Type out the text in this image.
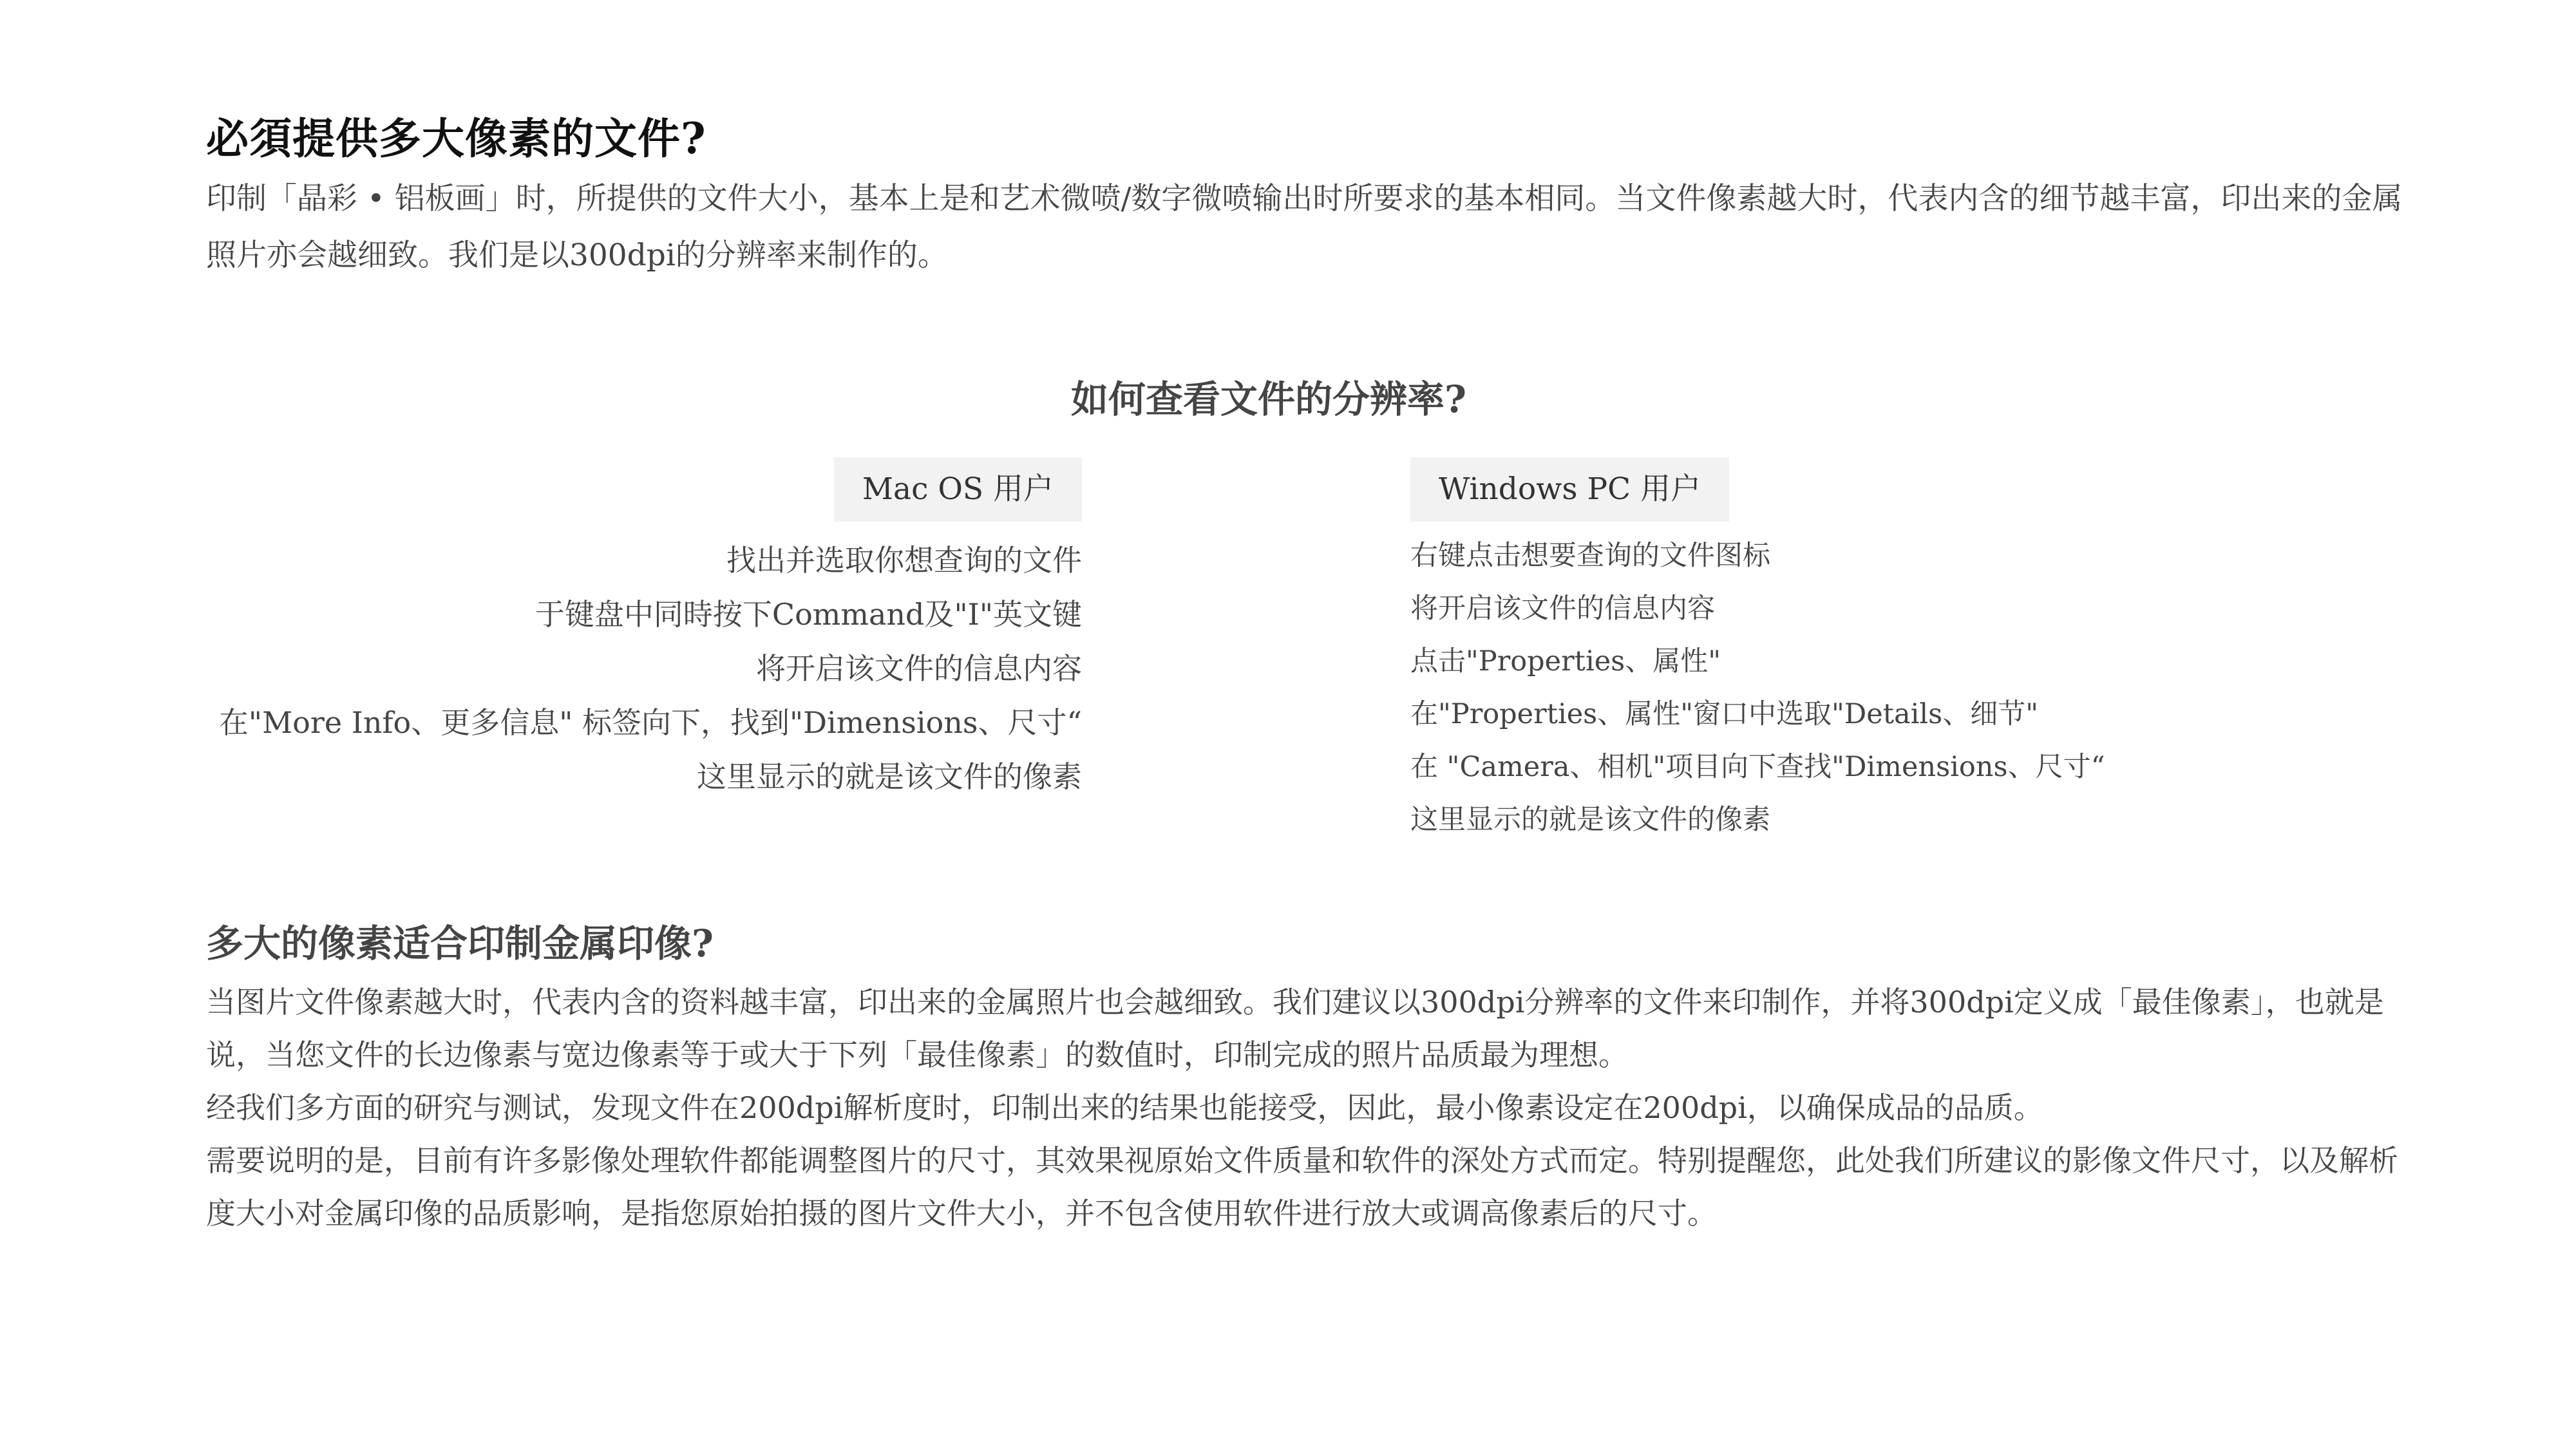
必須提供多大像素的文件?

印制「晶彩 • 铝板画」时，所提供的文件大小，基本上是和艺术微喷/数字微喷输出时所要求的基本相同。当文件像素越大时，代表内含的细节越丰富，印出来的金属照片亦会越细致。我们是以300dpi的分辨率来制作的。

如何查看文件的分辨率?
Mac OS 用户
找出并选取你想查询的文件
于键盘中同時按下Command及"I"英文键
将开启该文件的信息内容
在"More Info、更多信息" 标签向下，找到"Dimensions、尺寸“
这里显示的就是该文件的像素
Windows PC 用户
右键点击想要查询的文件图标
将开启该文件的信息内容
点击"Properties、属性"
在"Properties、属性"窗口中选取"Details、细节"
在 "Camera、相机"项目向下查找"Dimensions、尺寸“
这里显示的就是该文件的像素
多大的像素适合印制金属印像?

当图片文件像素越大时，代表内含的资料越丰富，印出来的金属照片也会越细致。我们建议以300dpi分辨率的文件来印制作，并将300dpi定义成「最佳像素」，也就是说，当您文件的长边像素与宽边像素等于或大于下列「最佳像素」的数值时，印制完成的照片品质最为理想。

经我们多方面的研究与测试，发现文件在200dpi解析度时，印制出来的结果也能接受，因此，最小像素设定在200dpi，以确保成品的品质。

需要说明的是，目前有许多影像处理软件都能调整图片的尺寸，其效果视原始文件质量和软件的深处方式而定。特别提醒您，此处我们所建议的影像文件尺寸，以及解析度大小对金属印像的品质影响，是指您原始拍摄的图片文件大小，并不包含使用软件进行放大或调高像素后的尺寸。
